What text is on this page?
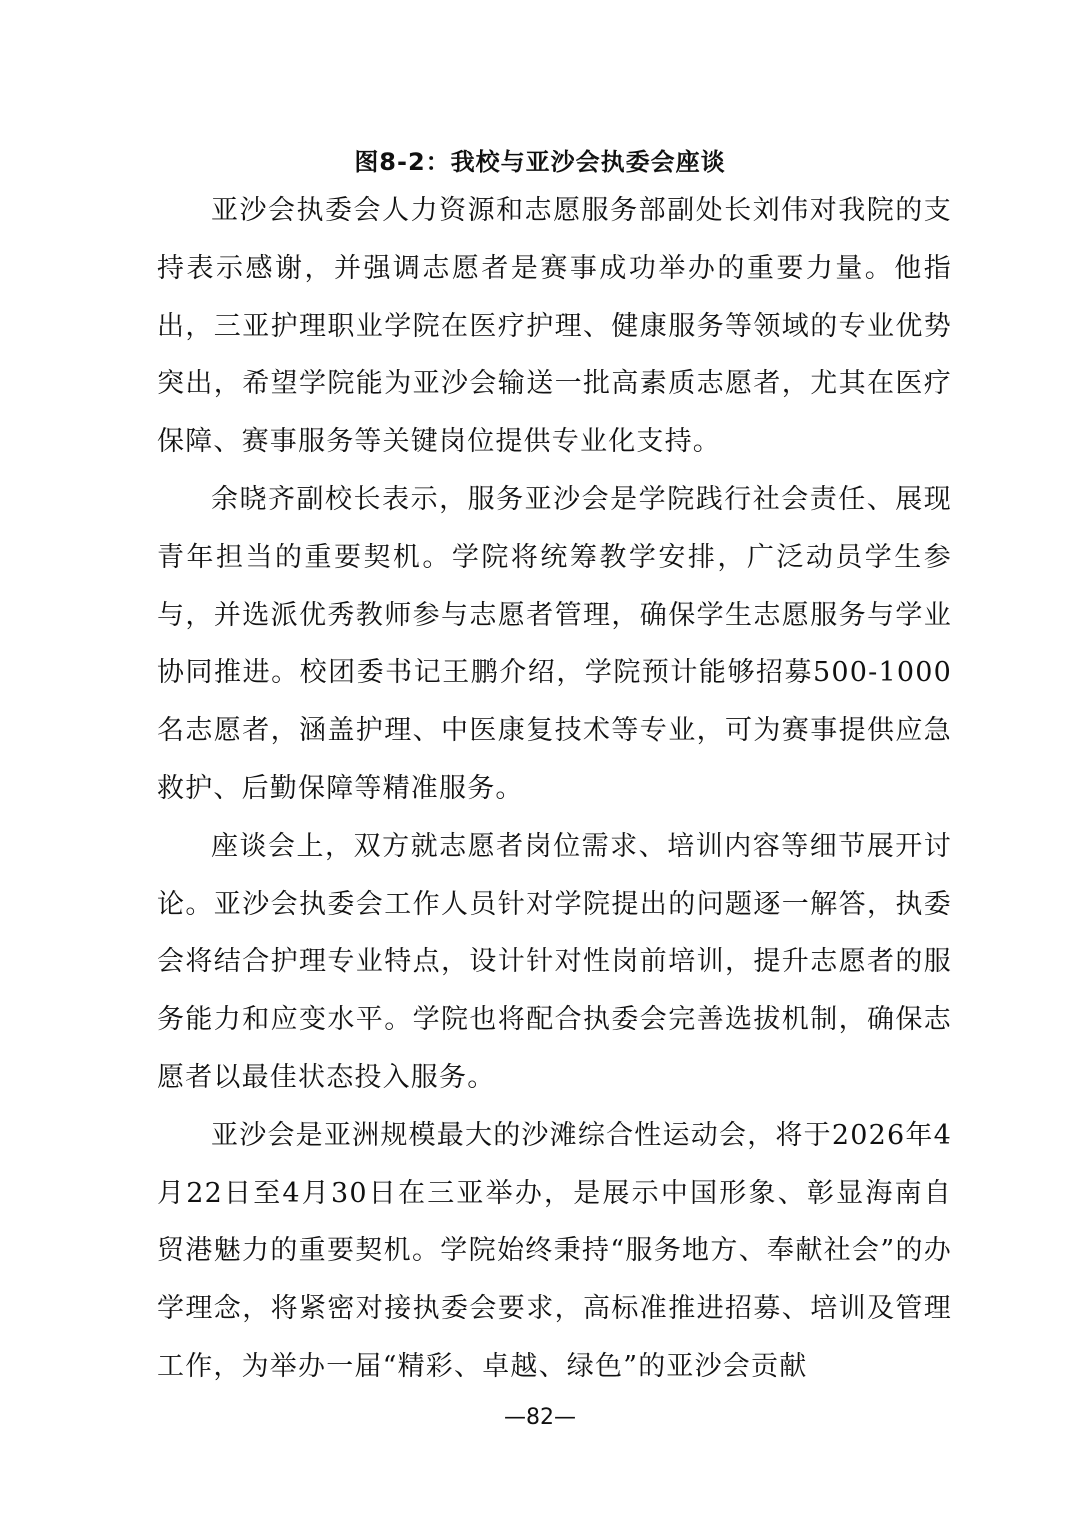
图8-2：我校与亚沙会执委会座谈

亚沙会执委会人力资源和志愿服务部副处长刘伟对我院的支持表示感谢，并强调志愿者是赛事成功举办的重要力量。他指出，三亚护理职业学院在医疗护理、健康服务等领域的专业优势突出，希望学院能为亚沙会输送一批高素质志愿者，尤其在医疗保障、赛事服务等关键岗位提供专业化支持。

余晓齐副校长表示，服务亚沙会是学院践行社会责任、展现青年担当的重要契机。学院将统筹教学安排，广泛动员学生参与，并选派优秀教师参与志愿者管理，确保学生志愿服务与学业协同推进。校团委书记王鹏介绍，学院预计能够招募500-1000名志愿者，涵盖护理、中医康复技术等专业，可为赛事提供应急救护、后勤保障等精准服务。

座谈会上，双方就志愿者岗位需求、培训内容等细节展开讨论。亚沙会执委会工作人员针对学院提出的问题逐一解答，执委会将结合护理专业特点，设计针对性岗前培训，提升志愿者的服务能力和应变水平。学院也将配合执委会完善选拔机制，确保志愿者以最佳状态投入服务。

亚沙会是亚洲规模最大的沙滩综合性运动会，将于2026年4月22日至4月30日在三亚举办，是展示中国形象、彰显海南自贸港魅力的重要契机。学院始终秉持“服务地方、奉献社会”的办学理念，将紧密对接执委会要求，高标准推进招募、培训及管理工作，为举办一届“精彩、卓越、绿色”的亚沙会贡献

—82—
